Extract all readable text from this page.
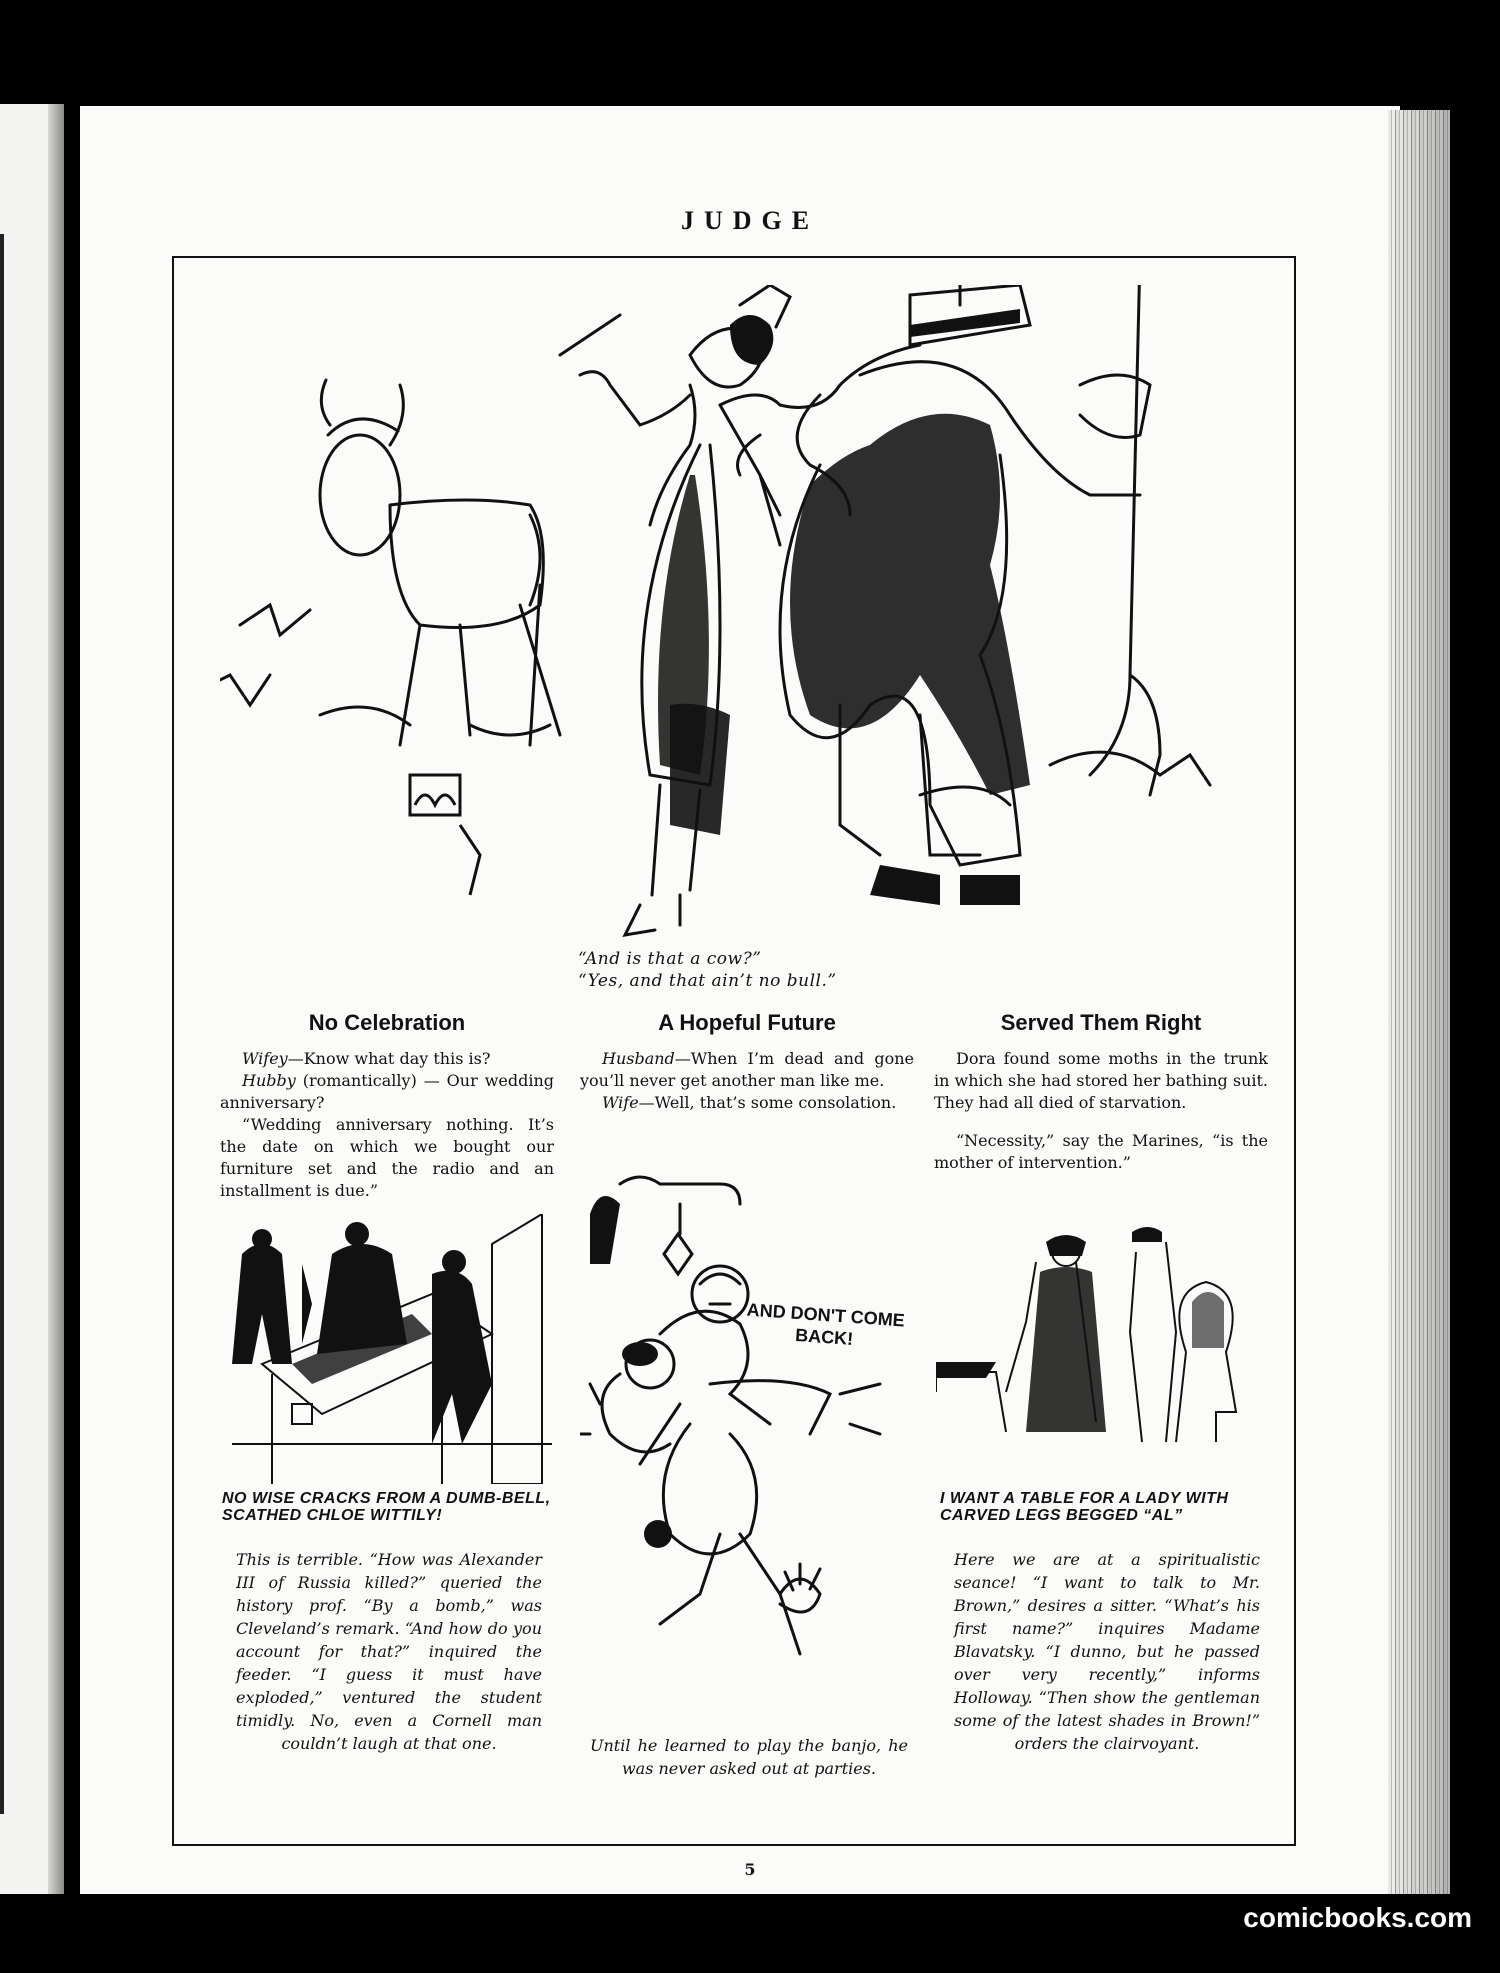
JUDGE
“And is that a cow?”
“Yes, and that ain’t no bull.”
No Celebration

Wifey—Know what day this is?

Hubby (romantically) — Our wedding anniversary?

“Wedding anniversary nothing. It’s the date on which we bought our furniture set and the radio and an installment is due.”

A Hopeful Future

Husband—When I’m dead and gone you’ll never get another man like me.

Wife—Well, that’s some consolation.

Served Them Right

Dora found some moths in the trunk in which she had stored her bathing suit. They had all died of starvation.

“Necessity,” say the Marines, “is the mother of intervention.”

NO WISE CRACKS FROM A DUMB-BELL, SCATHED CHLOE WITTILY!
This is terrible. “How was Alexander III of Russia killed?” queried the history prof. “By a bomb,” was Cleveland’s remark. “And how do you account for that?” inquired the feeder. “I guess it must have exploded,” ventured the student timidly. No, even a Cornell man couldn’t laugh at that one.
AND DON'T COME BACK!
Until he learned to play the banjo, he was never asked out at parties.
I WANT A TABLE FOR A LADY WITH CARVED LEGS BEGGED “AL”
Here we are at a spiritualistic seance! “I want to talk to Mr. Brown,” desires a sitter. “What’s his first name?” inquires Madame Blavatsky. “I dunno, but he passed over very recently,” informs Holloway. “Then show the gentleman some of the latest shades in Brown!” orders the clairvoyant.
5
comicbooks.com
